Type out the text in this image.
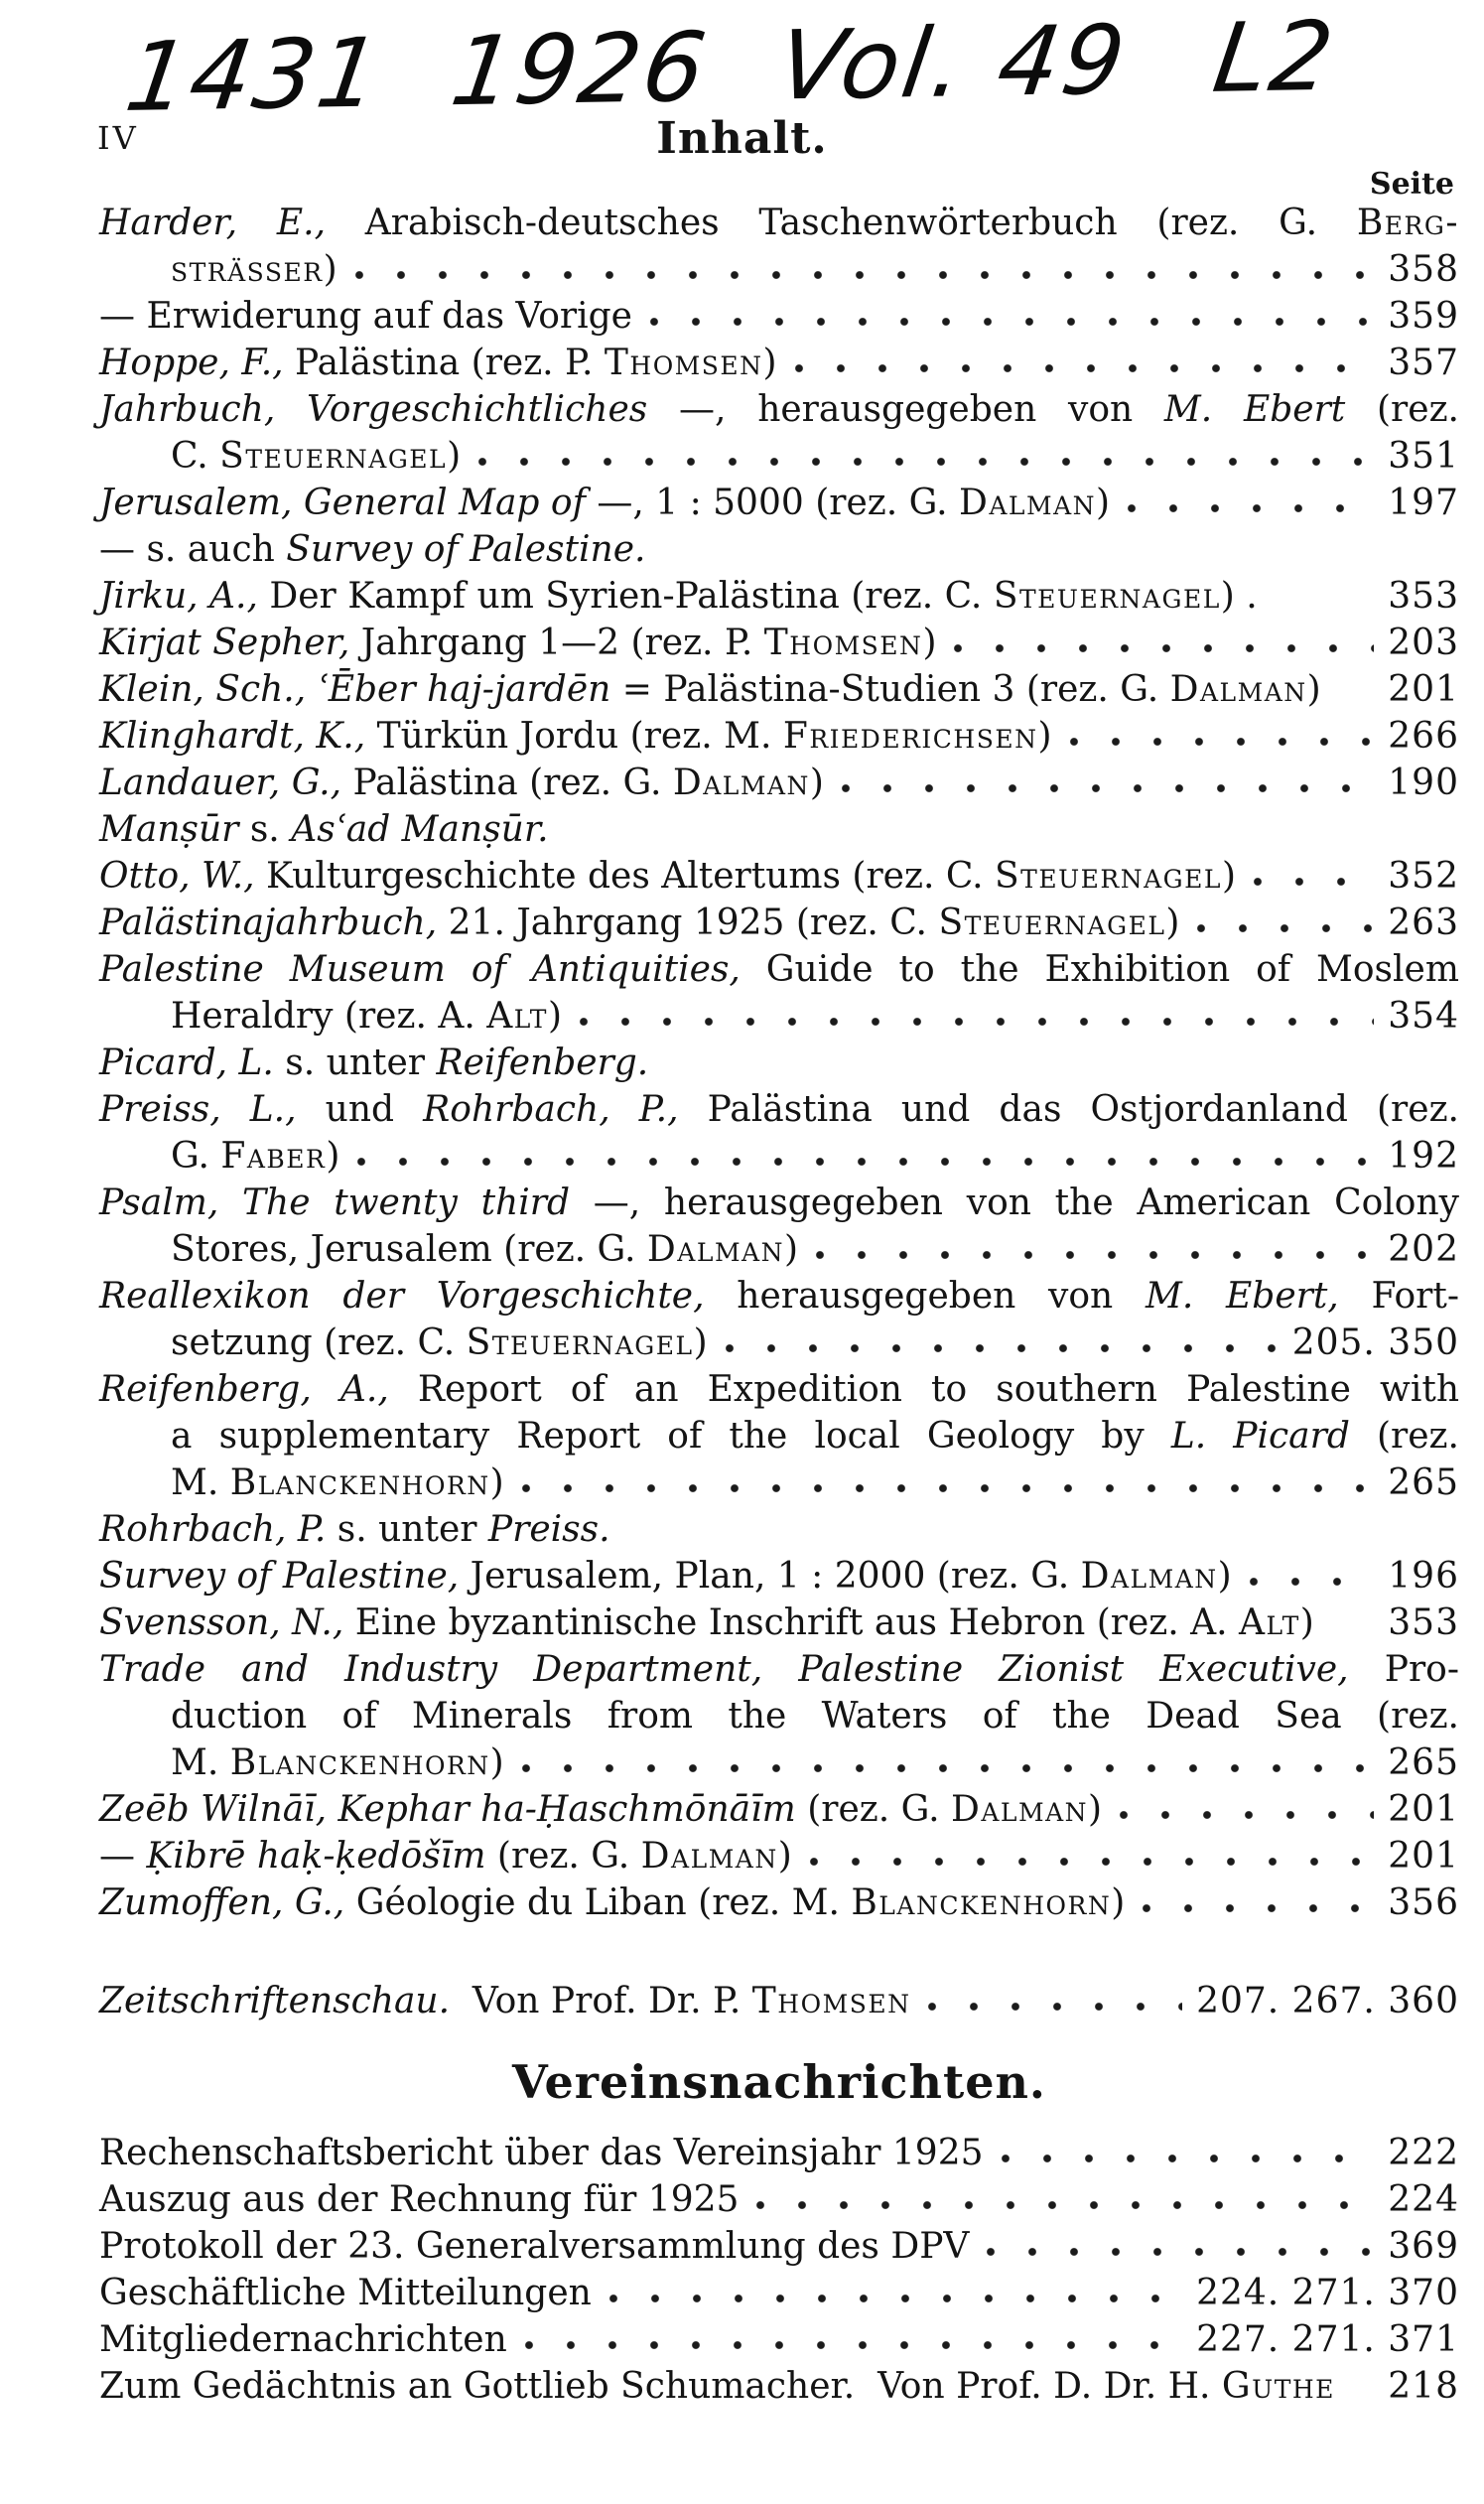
1431 1926 Vol. 49 L2
IV	Inhalt.
Seite
Harder, E., Arabisch-deutsches Taschenwörterbuch (rez. G. Berg-
strässer)	358
— Erwiderung auf das Vorige	359
Hoppe, F., Palästina (rez. P. Thomsen)	357
Jahrbuch, Vorgeschichtliches —, herausgegeben von M. Ebert (rez.
C. Steuernagel)	351
Jerusalem, General Map of —, 1 : 5000 (rez. G. Dalman)	197
— s. auch Survey of Palestine.
Jirku, A., Der Kampf um Syrien-Palästina (rez. C. Steuernagel) .	353
Kirjat Sepher, Jahrgang 1—2 (rez. P. Thomsen)	203
Klein, Sch., ʿĒber haj-jardēn = Palästina-Studien 3 (rez. G. Dalman) 201
Klinghardt, K., Türkün Jordu (rez. M. Friederichsen)	266
Landauer, G., Palästina (rez. G. Dalman)	190
Manṣūr s. Asʿad Manṣūr.
Otto, W., Kulturgeschichte des Altertums (rez. C. Steuernagel)	352
Palästinajahrbuch, 21. Jahrgang 1925 (rez. C. Steuernagel)	263
Palestine Museum of Antiquities, Guide to the Exhibition of Moslem
Heraldry (rez. A. Alt)	354
Picard, L. s. unter Reifenberg.
Preiss, L., und Rohrbach, P., Palästina und das Ostjordanland (rez.
G. Faber)	192
Psalm, The twenty third —, herausgegeben von the American Colony
Stores, Jerusalem (rez. G. Dalman)	202
Reallexikon der Vorgeschichte, herausgegeben von M. Ebert, Fort-
setzung (rez. C. Steuernagel)	205. 350
Reifenberg, A., Report of an Expedition to southern Palestine with
a supplementary Report of the local Geology by L. Picard (rez.
M. Blanckenhorn)	265
Rohrbach, P. s. unter Preiss.
Survey of Palestine, Jerusalem, Plan, 1 : 2000 (rez. G. Dalman)	196
Svensson, N., Eine byzantinische Inschrift aus Hebron (rez. A. Alt) 353
Trade and Industry Department, Palestine Zionist Executive, Pro-
duction of Minerals from the Waters of the Dead Sea (rez.
M. Blanckenhorn)	265
Zeēb Wilnāī, Kephar ha-Ḥaschmōnāīm (rez. G. Dalman)	201
— Ḳibrē haḳ-ḳedōšīm (rez. G. Dalman)	201
Zumoffen, G., Géologie du Liban (rez. M. Blanckenhorn)	356
Zeitschriftenschau.  Von Prof. Dr. P. Thomsen	207. 267. 360
Vereinsnachrichten.
Rechenschaftsbericht über das Vereinsjahr 1925	222
Auszug aus der Rechnung für 1925	224
Protokoll der 23. Generalversammlung des DPV	369
Geschäftliche Mitteilungen	224. 271. 370
Mitgliedernachrichten	227. 271. 371
Zum Gedächtnis an Gottlieb Schumacher.  Von Prof. D. Dr. H. Guthe 218
